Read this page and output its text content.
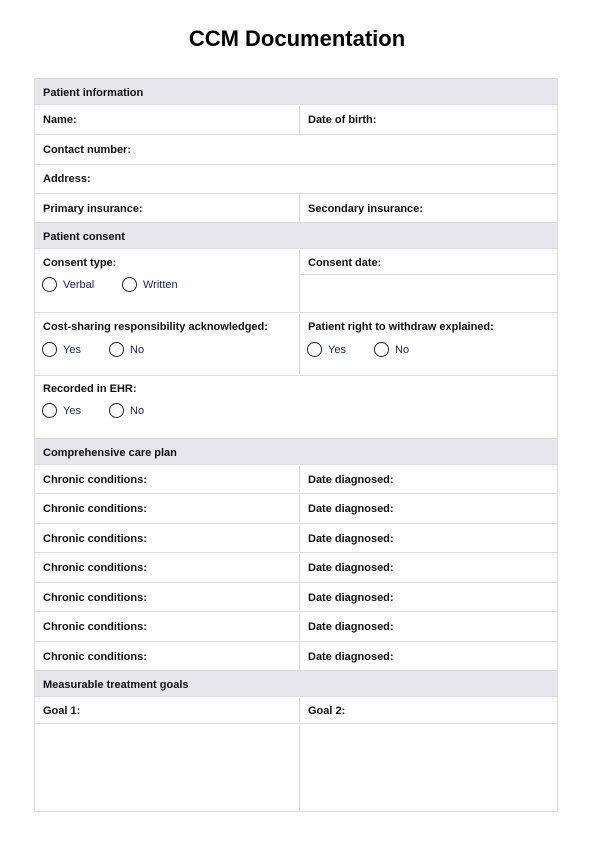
CCM Documentation
Patient information
Name:	Date of birth:
Contact number:
Address:
Primary insurance:	Secondary insurance:
Patient consent
Consent type:
Verbal	Written
Consent date:
Cost-sharing responsibility acknowledged:
Yes	No
Patient right to withdraw explained:
Yes	No
Recorded in EHR:
Yes	No
Comprehensive care plan
Chronic conditions:	Date diagnosed:
Chronic conditions:	Date diagnosed:
Chronic conditions:	Date diagnosed:
Chronic conditions:	Date diagnosed:
Chronic conditions:	Date diagnosed:
Chronic conditions:	Date diagnosed:
Chronic conditions:	Date diagnosed:
Measurable treatment goals
Goal 1:	Goal 2:
